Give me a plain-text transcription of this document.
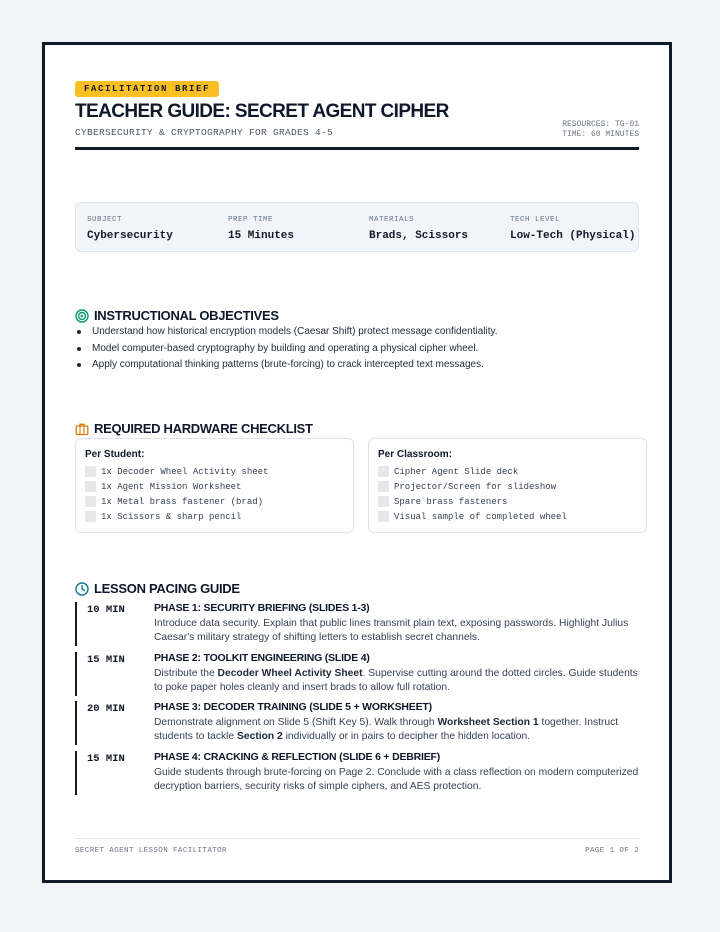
FACILITATION BRIEF
TEACHER GUIDE: SECRET AGENT CIPHER
CYBERSECURITY & CRYPTOGRAPHY FOR GRADES 4-5
RESOURCES: TG-01
TIME: 60 MINUTES
SUBJECT
Cybersecurity
PREP TIME
15 Minutes
MATERIALS
Brads, Scissors
TECH LEVEL
Low-Tech (Physical)
INSTRUCTIONAL OBJECTIVES
Understand how historical encryption models (Caesar Shift) protect message confidentiality.
Model computer-based cryptography by building and operating a physical cipher wheel.
Apply computational thinking patterns (brute-forcing) to crack intercepted text messages.
REQUIRED HARDWARE CHECKLIST
Per Student:
1x Decoder Wheel Activity sheet
1x Agent Mission Worksheet
1x Metal brass fastener (brad)
1x Scissors & sharp pencil
Per Classroom:
Cipher Agent Slide deck
Projector/Screen for slideshow
Spare brass fasteners
Visual sample of completed wheel
LESSON PACING GUIDE
10 MIN	PHASE 1: SECURITY BRIEFING (SLIDES 1-3)

Introduce data security. Explain that public lines transmit plain text, exposing passwords. Highlight Julius Caesar's military strategy of shifting letters to establish secret channels.

15 MIN	PHASE 2: TOOLKIT ENGINEERING (SLIDE 4)

Distribute the Decoder Wheel Activity Sheet. Supervise cutting around the dotted circles. Guide students to poke paper holes cleanly and insert brads to allow full rotation.

20 MIN	PHASE 3: DECODER TRAINING (SLIDE 5 + WORKSHEET)

Demonstrate alignment on Slide 5 (Shift Key 5). Walk through Worksheet Section 1 together. Instruct students to tackle Section 2 individually or in pairs to decipher the hidden location.

15 MIN	PHASE 4: CRACKING & REFLECTION (SLIDE 6 + DEBRIEF)

Guide students through brute-forcing on Page 2. Conclude with a class reflection on modern computerized decryption barriers, security risks of simple ciphers, and AES protection.

SECRET AGENT LESSON FACILITATOR	PAGE 1 OF 2
